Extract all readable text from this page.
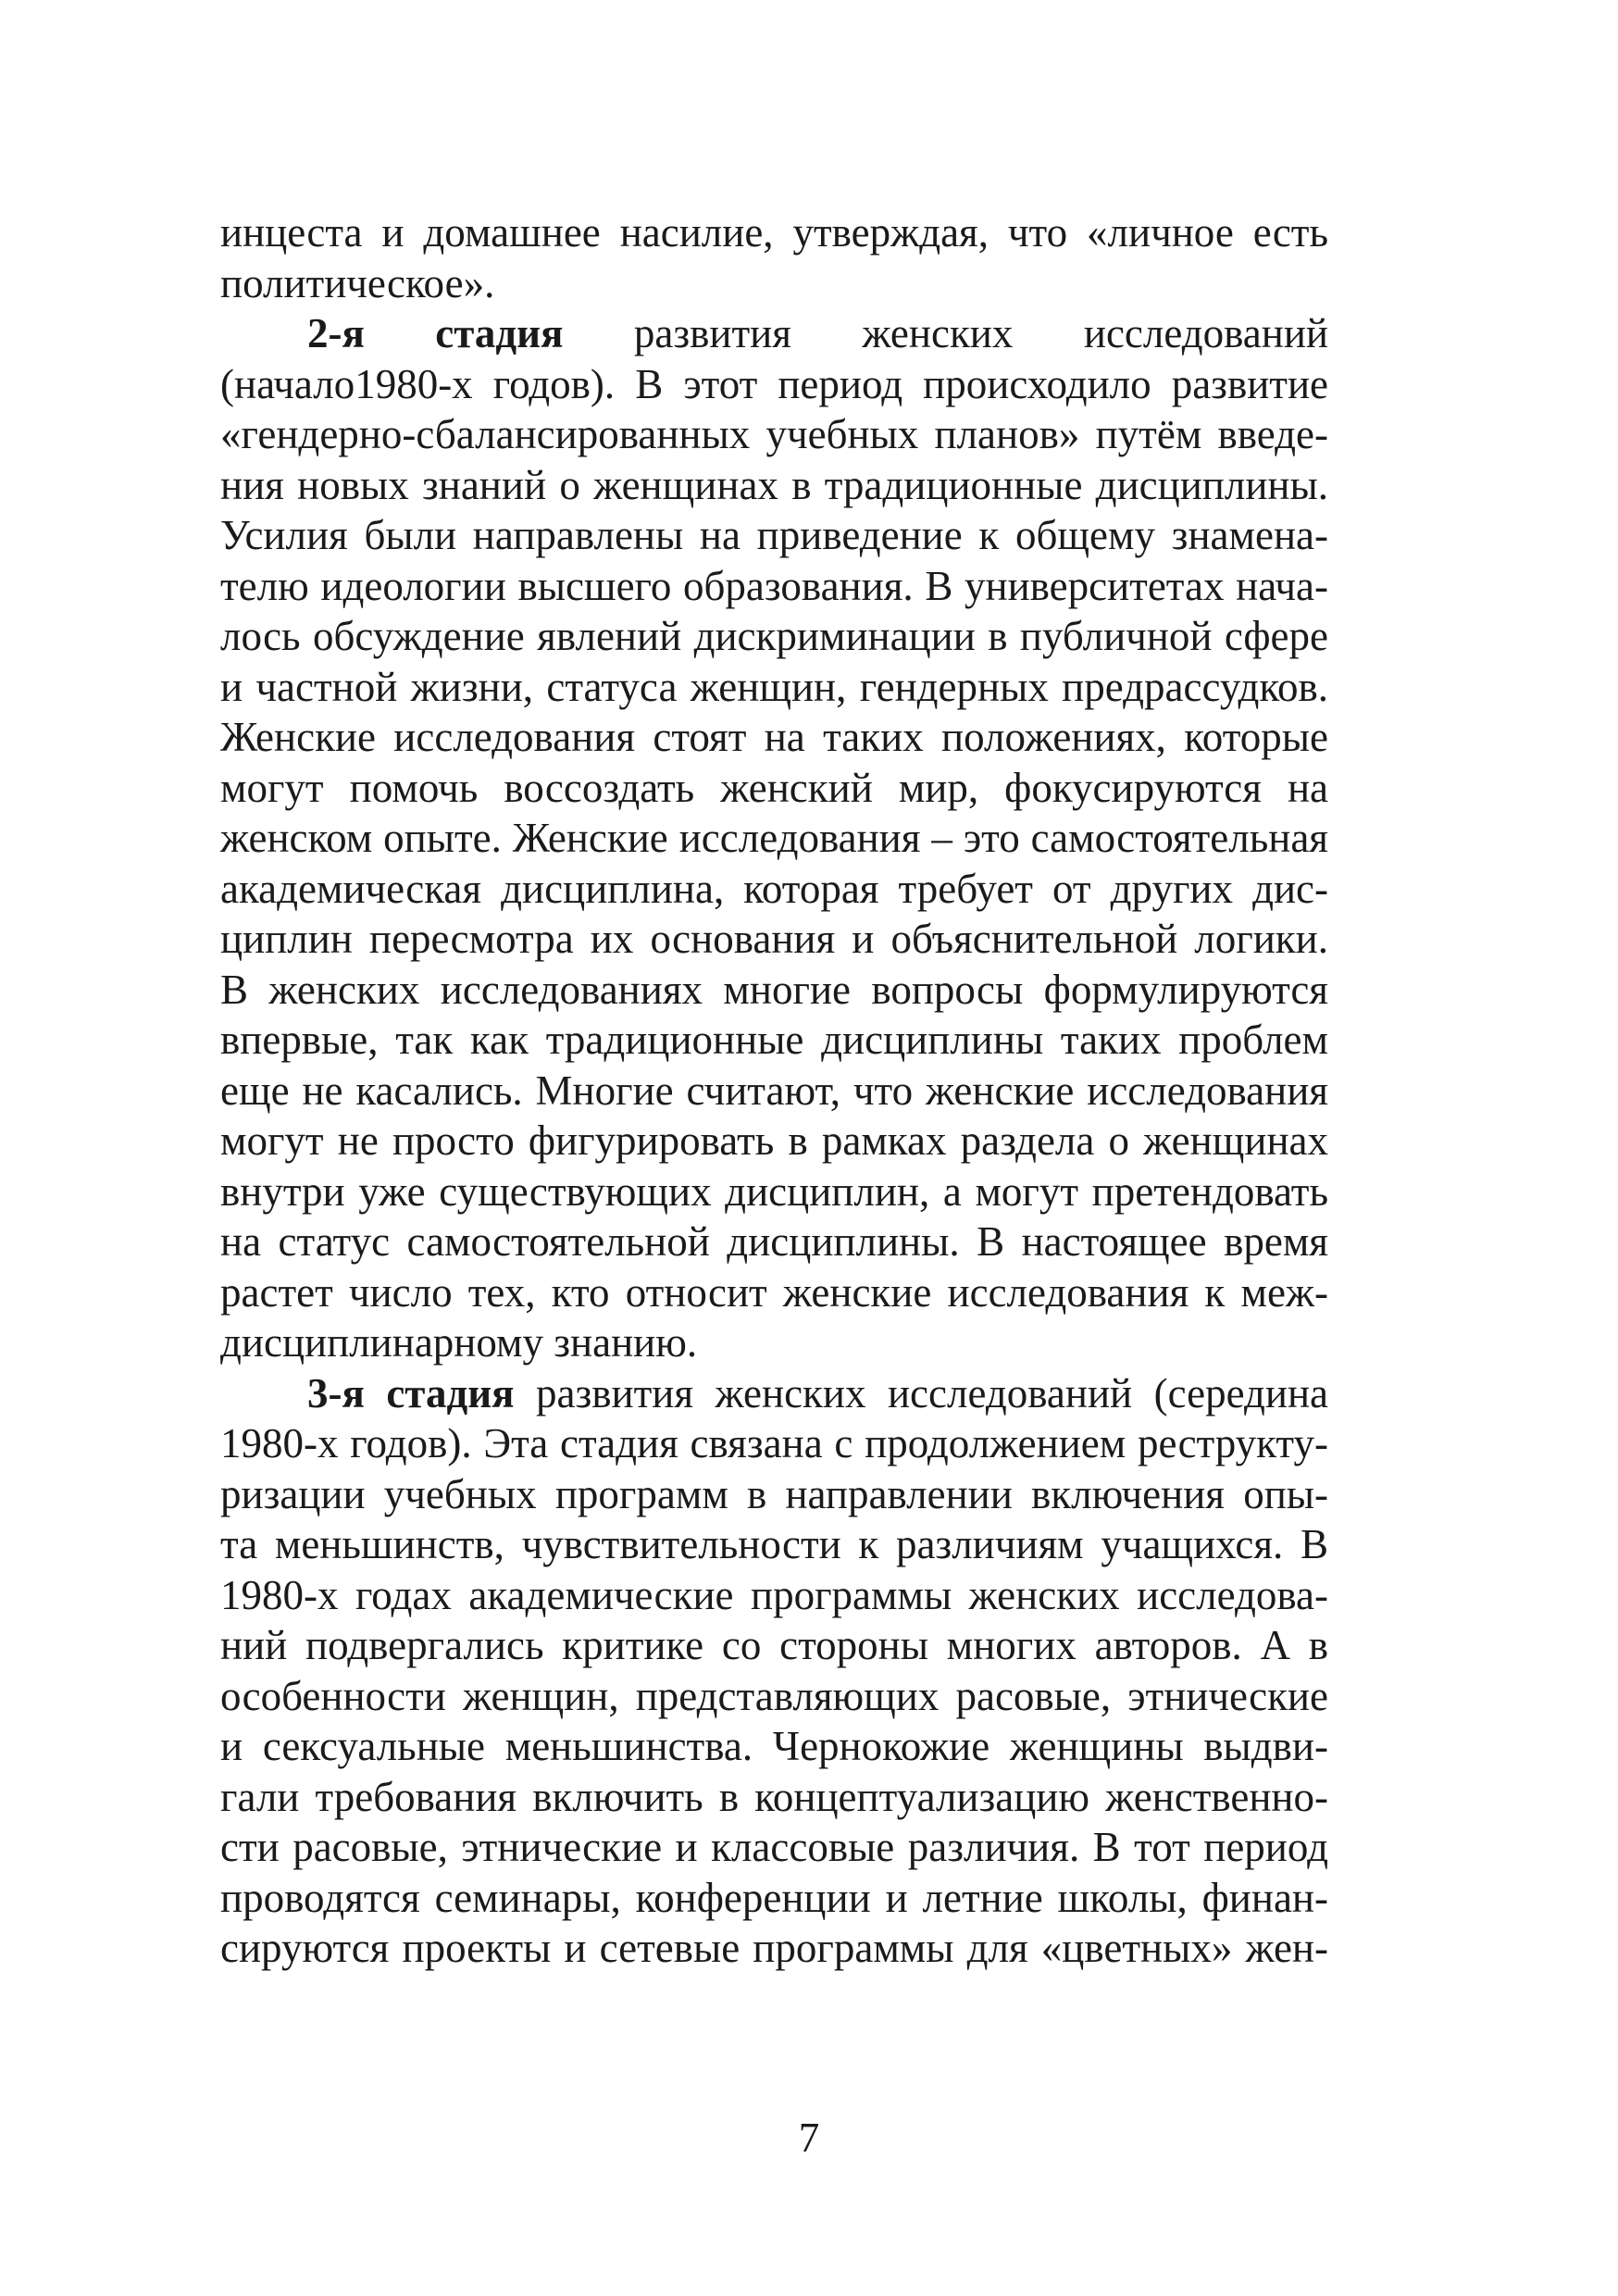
инцеста и домашнее насилие, утверждая, что «личное есть
политическое».
2-я стадия развития женских исследований
(начало1980-х годов). В этот период происходило развитие
«гендерно-сбалансированных учебных планов» путём введе-
ния новых знаний о женщинах в традиционные дисциплины.
Усилия были направлены на приведение к общему знамена-
телю идеологии высшего образования. В университетах нача-
лось обсуждение явлений дискриминации в публичной сфере
и частной жизни, статуса женщин, гендерных предрассудков.
Женские исследования стоят на таких положениях, которые
могут помочь воссоздать женский мир, фокусируются на
женском опыте. Женские исследования – это самостоятельная
академическая дисциплина, которая требует от других дис-
циплин пересмотра их основания и объяснительной логики.
В женских исследованиях многие вопросы формулируются
впервые, так как традиционные дисциплины таких проблем
еще не касались. Многие считают, что женские исследования
могут не просто фигурировать в рамках раздела о женщинах
внутри уже существующих дисциплин, а могут претендовать
на статус самостоятельной дисциплины. В настоящее время
растет число тех, кто относит женские исследования к меж-
дисциплинарному знанию.
3-я стадия развития женских исследований (середина
1980-х годов). Эта стадия связана с продолжением реструкту-
ризации учебных программ в направлении включения опы-
та меньшинств, чувствительности к различиям учащихся. В
1980-х годах академические программы женских исследова-
ний подвергались критике со стороны многих авторов. А в
особенности женщин, представляющих расовые, этнические
и сексуальные меньшинства. Чернокожие женщины выдви-
гали требования включить в концептуализацию женственно-
сти расовые, этнические и классовые различия. В тот период
проводятся семинары, конференции и летние школы, финан-
сируются проекты и сетевые программы для «цветных» жен-
7
